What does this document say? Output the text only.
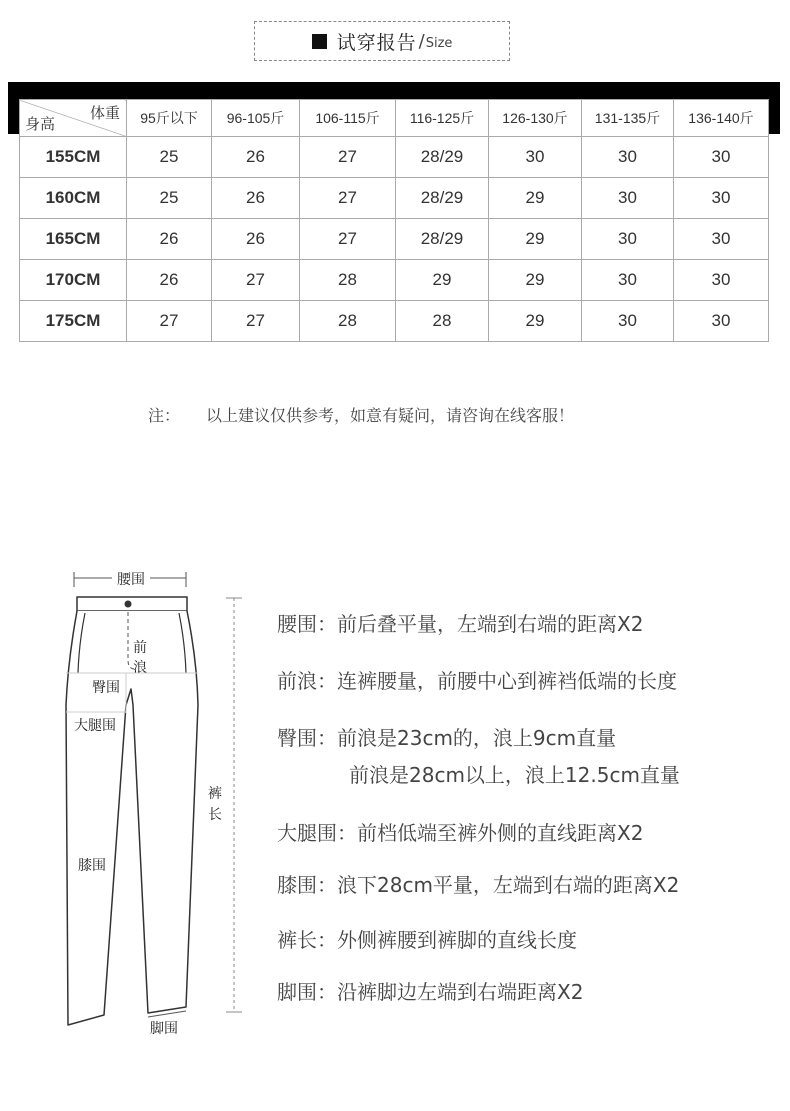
试穿报告 / Size
体重
身高	95斤以下	96-105斤	106-115斤	116-125斤	126-130斤	131-135斤	136-140斤
155CM	25	26	27	28/29	30	30	30
160CM	25	26	27	28/29	29	30	30
165CM	26	26	27	28/29	29	30	30
170CM	26	27	28	29	29	30	30
175CM	27	27	28	28	29	30	30
注： 以上建议仅供参考，如意有疑问，请咨询在线客服！
腰围
前
浪
臀围
大腿围
膝围
裤
长
脚围
腰围：前后叠平量，左端到右端的距离X2
前浪：连裤腰量，前腰中心到裤裆低端的长度
臀围：前浪是23cm的，浪上9cm直量
前浪是28cm以上，浪上12.5cm直量
大腿围：前档低端至裤外侧的直线距离X2
膝围：浪下28cm平量，左端到右端的距离X2
裤长：外侧裤腰到裤脚的直线长度
脚围：沿裤脚边左端到右端距离X2
